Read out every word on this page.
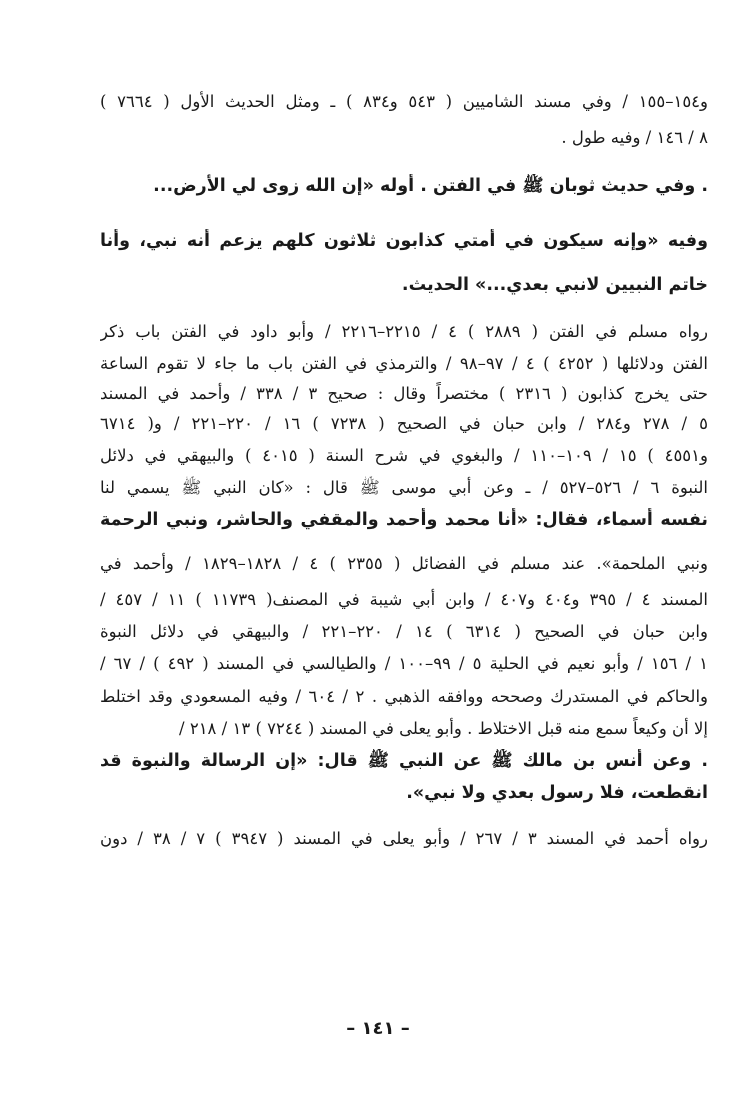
و١٥٤–١٥٥ / وفي مسند الشاميين ( ٥٤٣ و٨٣٤ ) ـ ومثل الحديث الأول ( ٧٦٦٤ )
٨ / ١٤٦ / وفيه طول .
. وفي حديث ثوبان ﷺ في الفتن . أوله «إن الله زوى لي الأرض...
وفيه «وإنه سيكون في أمتي كذابون ثلاثون كلهم يزعم أنه نبي، وأنا
خاتم النبيين لانبي بعدي...» الحديث.
رواه مسلم في الفتن ( ٢٨٨٩ ) ٤ / ٢٢١٥–٢٢١٦ / وأبو داود في الفتن باب ذكر
الفتن ودلائلها ( ٤٢٥٢ ) ٤ / ٩٧–٩٨ / والترمذي في الفتن باب ما جاء لا تقوم الساعة
حتى يخرج كذابون ( ٢٣١٦ ) مختصراً وقال : صحيح ٣ / ٣٣٨ / وأحمد في المسند
٥ / ٢٧٨ و٢٨٤ / وابن حبان في الصحيح ( ٧٢٣٨ ) ١٦ / ٢٢٠–٢٢١ / و( ٦٧١٤
و٤٥٥١ ) ١٥ / ١٠٩–١١٠ / والبغوي في شرح السنة ( ٤٠١٥ ) والبيهقي في دلائل
النبوة ٦ / ٥٢٦–٥٢٧ / ـ وعن أبي موسى ﷺ قال : «كان النبي ﷺ يسمي لنا
نفسه أسماء، فقال: «أنا محمد وأحمد والمقفي والحاشر، ونبي الرحمة
ونبي الملحمة». عند مسلم في الفضائل ( ٢٣٥٥ ) ٤ / ١٨٢٨–١٨٢٩ / وأحمد في
المسند ٤ / ٣٩٥ و٤٠٤ و٤٠٧ / وابن أبي شيبة في المصنف( ١١٧٣٩ ) ١١ / ٤٥٧ /
وابن حبان في الصحيح ( ٦٣١٤ ) ١٤ / ٢٢٠–٢٢١ / والبيهقي في دلائل النبوة
١ / ١٥٦ / وأبو نعيم في الحلية ٥ / ٩٩–١٠٠ / والطيالسي في المسند ( ٤٩٢ ) / ٦٧ /
والحاكم في المستدرك وصححه ووافقه الذهبي . ٢ / ٦٠٤ / وفيه المسعودي وقد اختلط
إلا أن وكيعاً سمع منه قبل الاختلاط . وأبو يعلى في المسند ( ٧٢٤٤ ) ١٣ / ٢١٨ /
. وعن أنس بن مالك ﷺ عن النبي ﷺ قال: «إن الرسالة والنبوة قد
انقطعت، فلا رسول بعدي ولا نبي».
رواه أحمد في المسند ٣ / ٢٦٧ / وأبو يعلى في المسند ( ٣٩٤٧ ) ٧ / ٣٨ / دون
– ١٤١ –
